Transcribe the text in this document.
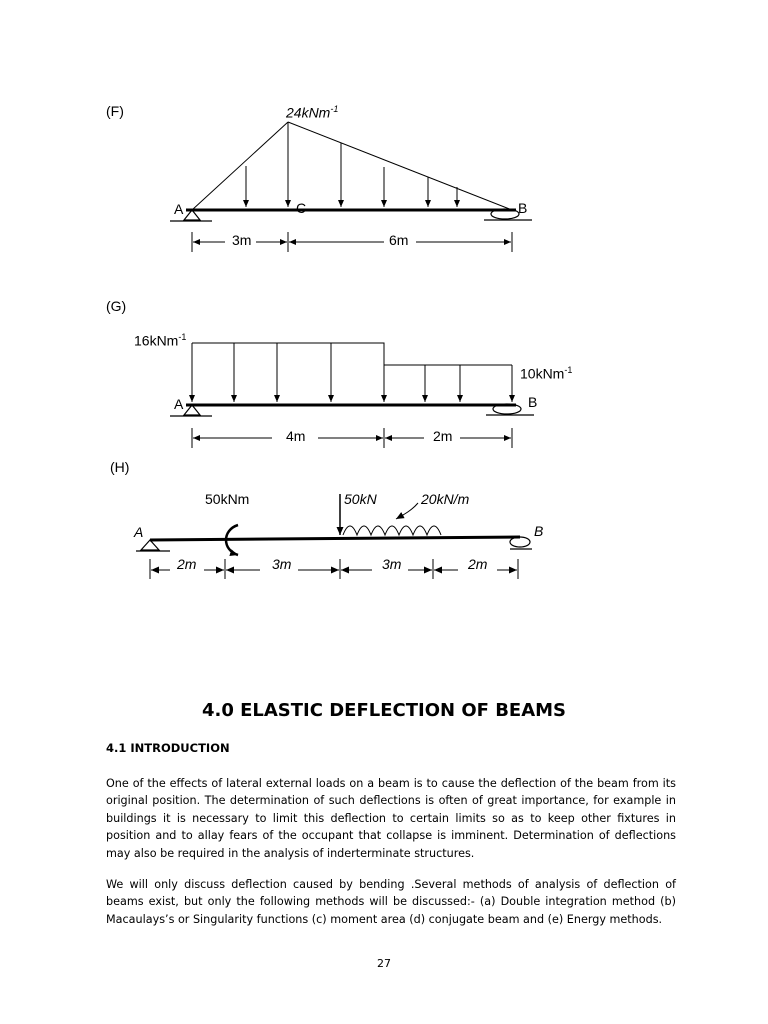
(F)	24kNm$^{-1}$
A	C	B
3m	6m
(G)
16kNm$^{-1}$
10kNm$^{-1}$
A	B
4m	2m
(H)
50kNm	50kN	20kN/m
A	B
2m	3m	3m	2m
4.0 ELASTIC DEFLECTION OF BEAMS
4.1 INTRODUCTION
One of the effects of lateral external loads on a beam is to cause the deflection of the beam from its original position. The determination of such deflections is often of great importance, for example in buildings it is necessary to limit this deflection to certain limits so as to keep other fixtures in position and to allay fears of the occupant that collapse is imminent. Determination of deflections may also be required in the analysis of inderterminate structures.
We will only discuss deflection caused by bending .Several methods of analysis of deflection of beams exist, but only the following methods will be discussed:- (a) Double integration method (b) Macaulays’s or Singularity functions (c) moment area (d) conjugate beam and (e) Energy methods.
27
